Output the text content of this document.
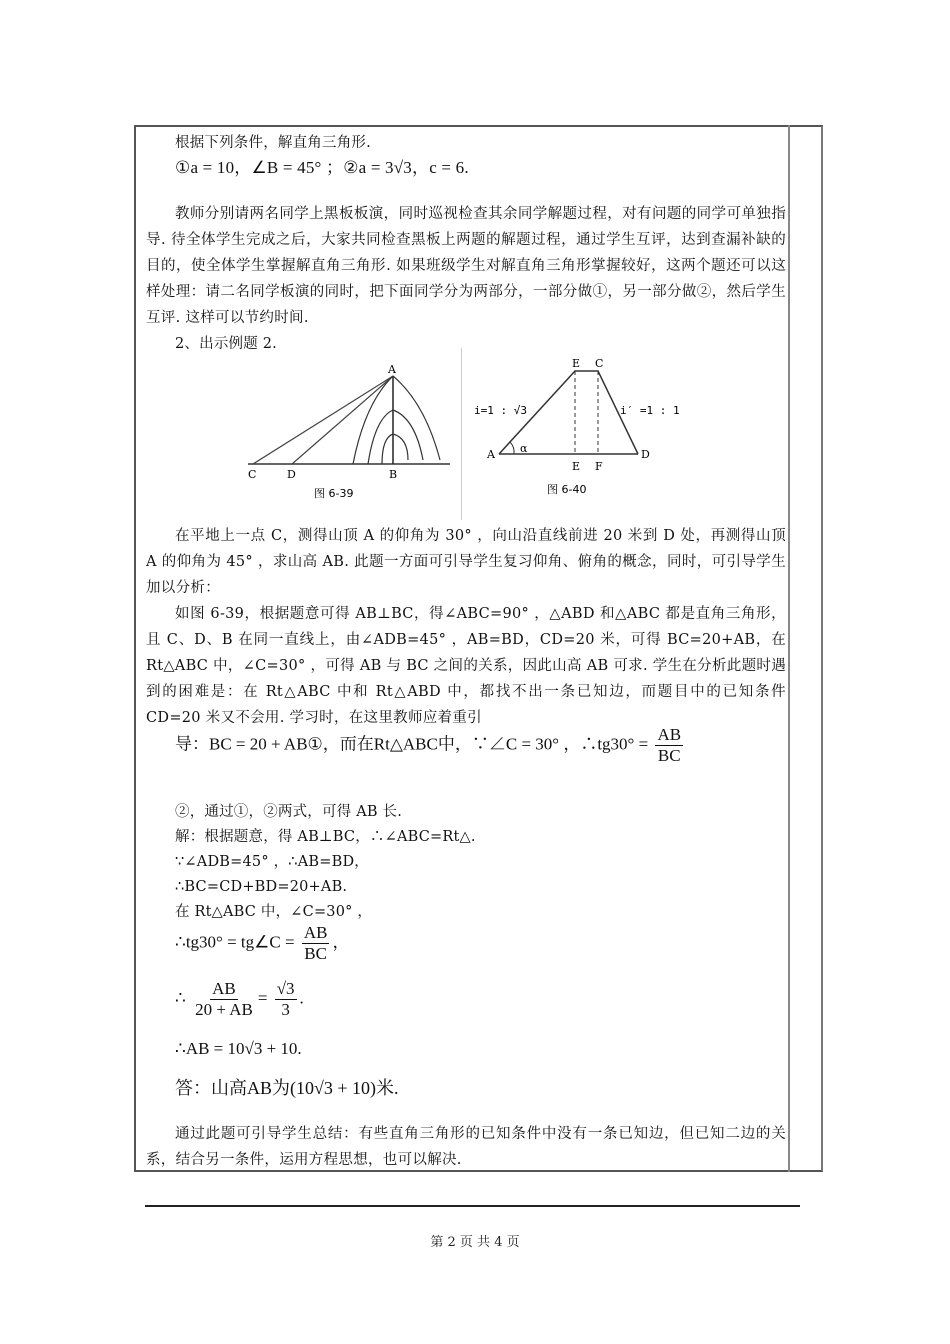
根据下列条件，解直角三角形.
①a = 10，∠B = 45° ；②a = 3√3，c = 6.
教师分别请两名同学上黑板板演，同时巡视检查其余同学解题过程，对有问题的同学可单独指导. 待全体学生完成之后，大家共同检查黑板上两题的解题过程，通过学生互评，达到查漏补缺的目的，使全体学生掌握解直角三角形. 如果班级学生对解直角三角形掌握较好，这两个题还可以这样处理：请二名同学板演的同时，把下面同学分为两部分，一部分做①，另一部分做②，然后学生互评. 这样可以节约时间.
2、出示例题 2.
在平地上一点 C，测得山顶 A 的仰角为 30° ，向山沿直线前进 20 米到 D 处，再测得山顶 A 的仰角为 45° ，求山高 AB. 此题一方面可引导学生复习仰角、俯角的概念，同时，可引导学生加以分析：
如图 6-39，根据题意可得 AB⊥BC，得∠ABC=90° ，△ABD 和△ABC 都是直角三角形，且 C、D、B 在同一直线上，由∠ADB=45° ，AB=BD，CD=20 米，可得 BC=20+AB，在 Rt△ABC 中，∠C=30° ，可得 AB 与 BC 之间的关系，因此山高 AB 可求. 学生在分析此题时遇到的困难是：在 Rt△ABC 中和 Rt△ABD 中，都找不出一条已知边，而题目中的已知条件 CD=20 米又不会用. 学习时，在这里教师应着重引
导：BC = 20 + AB①，而在Rt△ABC中，∵∠C = 30° ，∴tg30° = $\frac{AB}{BC}$
②，通过①，②两式，可得 AB 长.
解：根据题意，得 AB⊥BC，∴∠ABC=Rt△.
∵∠ADB=45° ，∴AB=BD，
∴BC=CD+BD=20+AB.
在 Rt△ABC 中，∠C=30° ，
∴tg30° = tg∠C = $\frac{AB}{BC}$ ，
∴ $\frac{AB}{20 + AB} = \frac{√3}{3}$ .
∴AB = 10√3 + 10.
答：山高AB为(10√3 + 10)米.
通过此题可引导学生总结：有些直角三角形的已知条件中没有一条已知边，但已知二边的关系，结合另一条件，运用方程思想，也可以解决.
A
C	D	B
图 6-39
E C
A	D
E F
α
i=1 : √3	i′ =1 : 1
图 6-40
第 2 页 共 4 页
